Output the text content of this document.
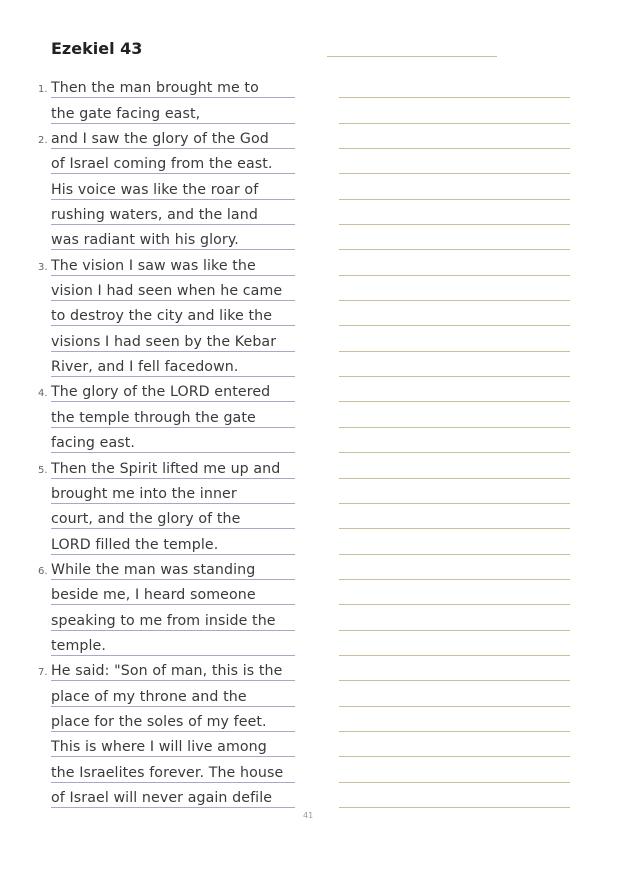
Ezekiel 43
1. Then the man brought me to
the gate facing east,
2. and I saw the glory of the God
of Israel coming from the east.
His voice was like the roar of
rushing waters, and the land
was radiant with his glory.
3. The vision I saw was like the
vision I had seen when he came
to destroy the city and like the
visions I had seen by the Kebar
River, and I fell facedown.
4. The glory of the LORD entered
the temple through the gate
facing east.
5. Then the Spirit lifted me up and
brought me into the inner
court, and the glory of the
LORD filled the temple.
6. While the man was standing
beside me, I heard someone
speaking to me from inside the
temple.
7. He said: "Son of man, this is the
place of my throne and the
place for the soles of my feet.
This is where I will live among
the Israelites forever. The house
of Israel will never again defile
41
